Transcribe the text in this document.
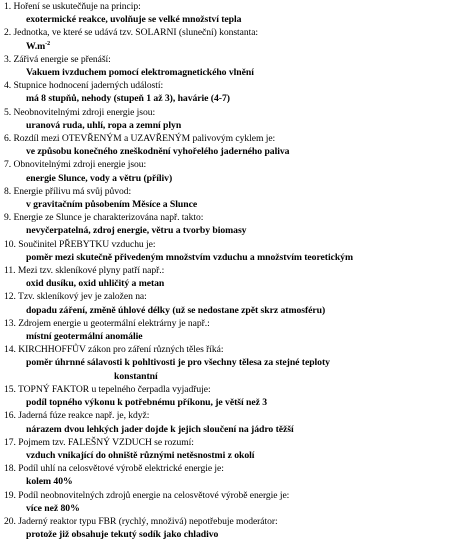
1. Hoření se uskutečňuje na princip:
exotermické reakce, uvolňuje se velké množství tepla
2. Jednotka, ve které se udává tzv. SOLARNI (sluneční) konstanta:
$W.m^{-2}$
3. Zářivá energie se přenáší:
Vakuem ivzduchem pomocí elektromagnetického vlnění
4. Stupnice hodnocení jaderných událostí:
má 8 stupňů, nehody (stupeň 1 až 3), havárie (4-7)
5. Neobnovitelnými zdroji energie jsou:
uranová ruda, uhlí, ropa a zemní plyn
6. Rozdíl mezi OTEVŘENÝM a UZAVŘENÝM palivovým cyklem je:
ve způsobu konečného zneškodnění vyhořelého jaderného paliva
7. Obnovitelnými zdroji energie jsou:
energie Slunce, vody a větru (příliv)
8. Energie přílivu má svůj původ:
v gravitačním působením Měsíce a Slunce
9. Energie ze Slunce je charakterizována např. takto:
nevyčerpatelná, zdroj energie, větru a tvorby biomasy
10. Součinitel PŘEBYTKU vzduchu je:
poměr mezi skutečně přivedeným množstvím vzduchu a množstvím teoretickým
11. Mezi tzv. skleníkové plyny patří např.:
oxid dusíku, oxid uhličitý a metan
12. Tzv. skleníkový jev je založen na:
dopadu záření, změně úhlové délky (už se nedostane zpět skrz atmosféru)
13. Zdrojem energie u geotermální elektrárny je např.:
místní geotermální anomálie
14. KIRCHHOFFŮV zákon pro záření různých těles říká:
poměr úhrnné sálavosti k pohltivosti je pro všechny tělesa za stejné teploty
konstantní
15. TOPNÝ FAKTOR u tepelného čerpadla vyjadřuje:
podíl topného výkonu k potřebnému příkonu, je větší než 3
16. Jaderná fúze reakce např. je, když:
nárazem dvou lehkých jader dojde k jejich sloučení na jádro těžší
17. Pojmem tzv. FALEŠNÝ VZDUCH se rozumí:
vzduch vnikající do ohniště různými netěsnostmi z okolí
18. Podíl uhlí na celosvětové výrobě elektrické energie je:
kolem 40%
19. Podíl neobnovitelných zdrojů energie na celosvětové výrobě energie je:
více než 80%
20. Jaderný reaktor typu FBR (rychlý, množivá) nepotřebuje moderátor:
protože již obsahuje tekutý sodík jako chladivo
